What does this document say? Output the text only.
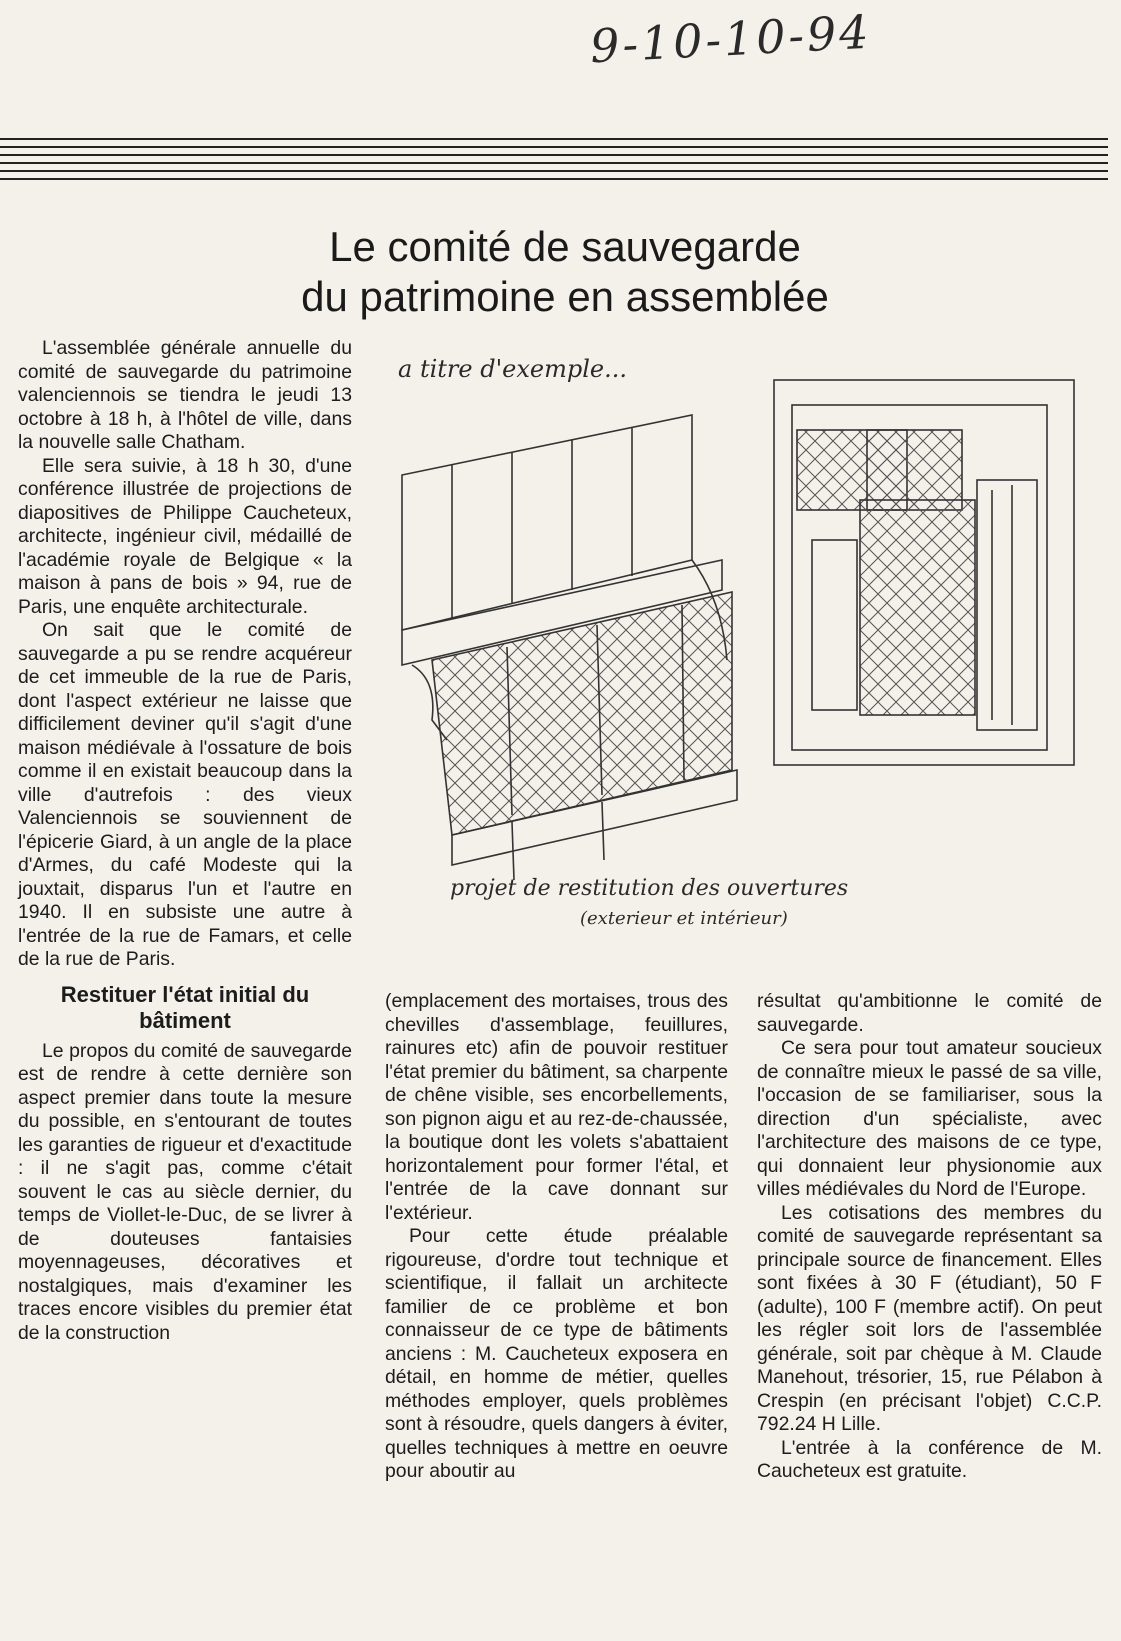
9-10-10-94
Le comité de sauvegarde
du patrimoine en assemblée

L'assemblée générale annuelle du comité de sauvegarde du patrimoine valenciennois se tiendra le jeudi 13 octobre à 18 h, à l'hôtel de ville, dans la nouvelle salle Chatham.

Elle sera suivie, à 18 h 30, d'une conférence illustrée de projections de diapositives de Philippe Caucheteux, architecte, ingénieur civil, médaillé de l'académie royale de Belgique « la maison à pans de bois » 94, rue de Paris, une enquête architecturale.

On sait que le comité de sauvegarde a pu se rendre acquéreur de cet immeuble de la rue de Paris, dont l'aspect extérieur ne laisse que difficilement deviner qu'il s'agit d'une maison médiévale à l'ossature de bois comme il en existait beaucoup dans la ville d'autrefois : des vieux Valenciennois se souviennent de l'épicerie Giard, à un angle de la place d'Armes, du café Modeste qui la jouxtait, disparus l'un et l'autre en 1940. Il en subsiste une autre à l'entrée de la rue de Famars, et celle de la rue de Paris.

Restituer l'état initial du bâtiment

Le propos du comité de sauvegarde est de rendre à cette dernière son aspect premier dans toute la mesure du possible, en s'entourant de toutes les garanties de rigueur et d'exactitude : il ne s'agit pas, comme c'était souvent le cas au siècle dernier, du temps de Viollet-le-Duc, de se livrer à de douteuses fantaisies moyennageuses, décoratives et nostalgiques, mais d'examiner les traces encore visibles du premier état de la construction

a titre d'exemple...
projet de restitution des ouvertures
(exterieur et intérieur)

(emplacement des mortaises, trous des chevilles d'assemblage, feuillures, rainures etc) afin de pouvoir restituer l'état premier du bâtiment, sa charpente de chêne visible, ses encorbellements, son pignon aigu et au rez-de-chaussée, la boutique dont les volets s'abattaient horizontalement pour former l'étal, et l'entrée de la cave donnant sur l'extérieur.

Pour cette étude préalable rigoureuse, d'ordre tout technique et scientifique, il fallait un architecte familier de ce problème et bon connaisseur de ce type de bâtiments anciens : M. Caucheteux exposera en détail, en homme de métier, quelles méthodes employer, quels problèmes sont à résoudre, quels dangers à éviter, quelles techniques à mettre en oeuvre pour aboutir au

résultat qu'ambitionne le comité de sauvegarde.

Ce sera pour tout amateur soucieux de connaître mieux le passé de sa ville, l'occasion de se familiariser, sous la direction d'un spécialiste, avec l'architecture des maisons de ce type, qui donnaient leur physionomie aux villes médiévales du Nord de l'Europe.

Les cotisations des membres du comité de sauvegarde représentant sa principale source de financement. Elles sont fixées à 30 F (étudiant), 50 F (adulte), 100 F (membre actif). On peut les régler soit lors de l'assemblée générale, soit par chèque à M. Claude Manehout, trésorier, 15, rue Pélabon à Crespin (en précisant l'objet) C.C.P. 792.24 H Lille.

L'entrée à la conférence de M. Caucheteux est gratuite.
